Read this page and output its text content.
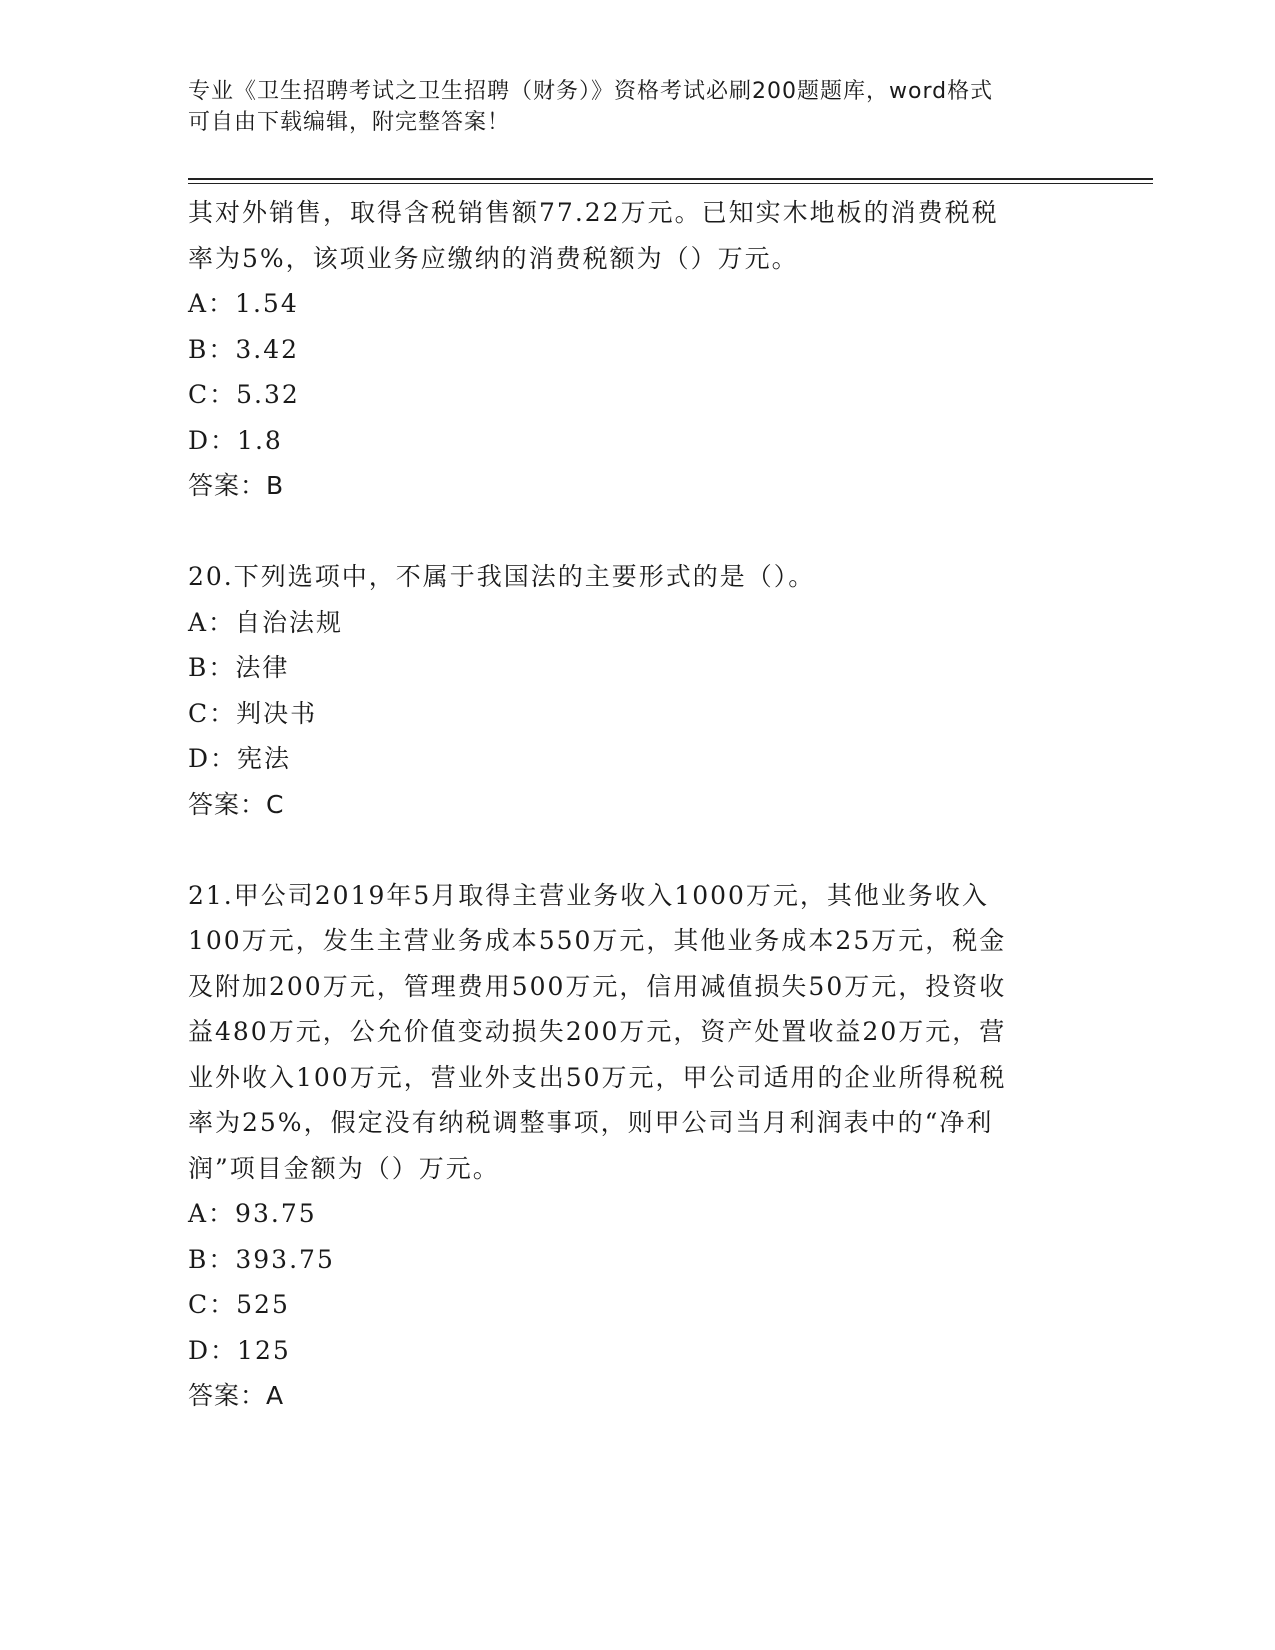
专业《卫生招聘考试之卫生招聘（财务）》资格考试必刷200题题库，word格式
可自由下载编辑，附完整答案！
其对外销售，取得含税销售额77.22万元。已知实木地板的消费税税
率为5%，该项业务应缴纳的消费税额为（）万元。
A：1.54
B：3.42
C：5.32
D：1.8
答案：B
20.下列选项中，不属于我国法的主要形式的是（）。
A：自治法规
B：法律
C：判决书
D：宪法
答案：C
21.甲公司2019年5月取得主营业务收入1000万元，其他业务收入
100万元，发生主营业务成本550万元，其他业务成本25万元，税金
及附加200万元，管理费用500万元，信用减值损失50万元，投资收
益480万元，公允价值变动损失200万元，资产处置收益20万元，营
业外收入100万元，营业外支出50万元，甲公司适用的企业所得税税
率为25%，假定没有纳税调整事项，则甲公司当月利润表中的“净利
润”项目金额为（）万元。
A：93.75
B：393.75
C：525
D：125
答案：A
